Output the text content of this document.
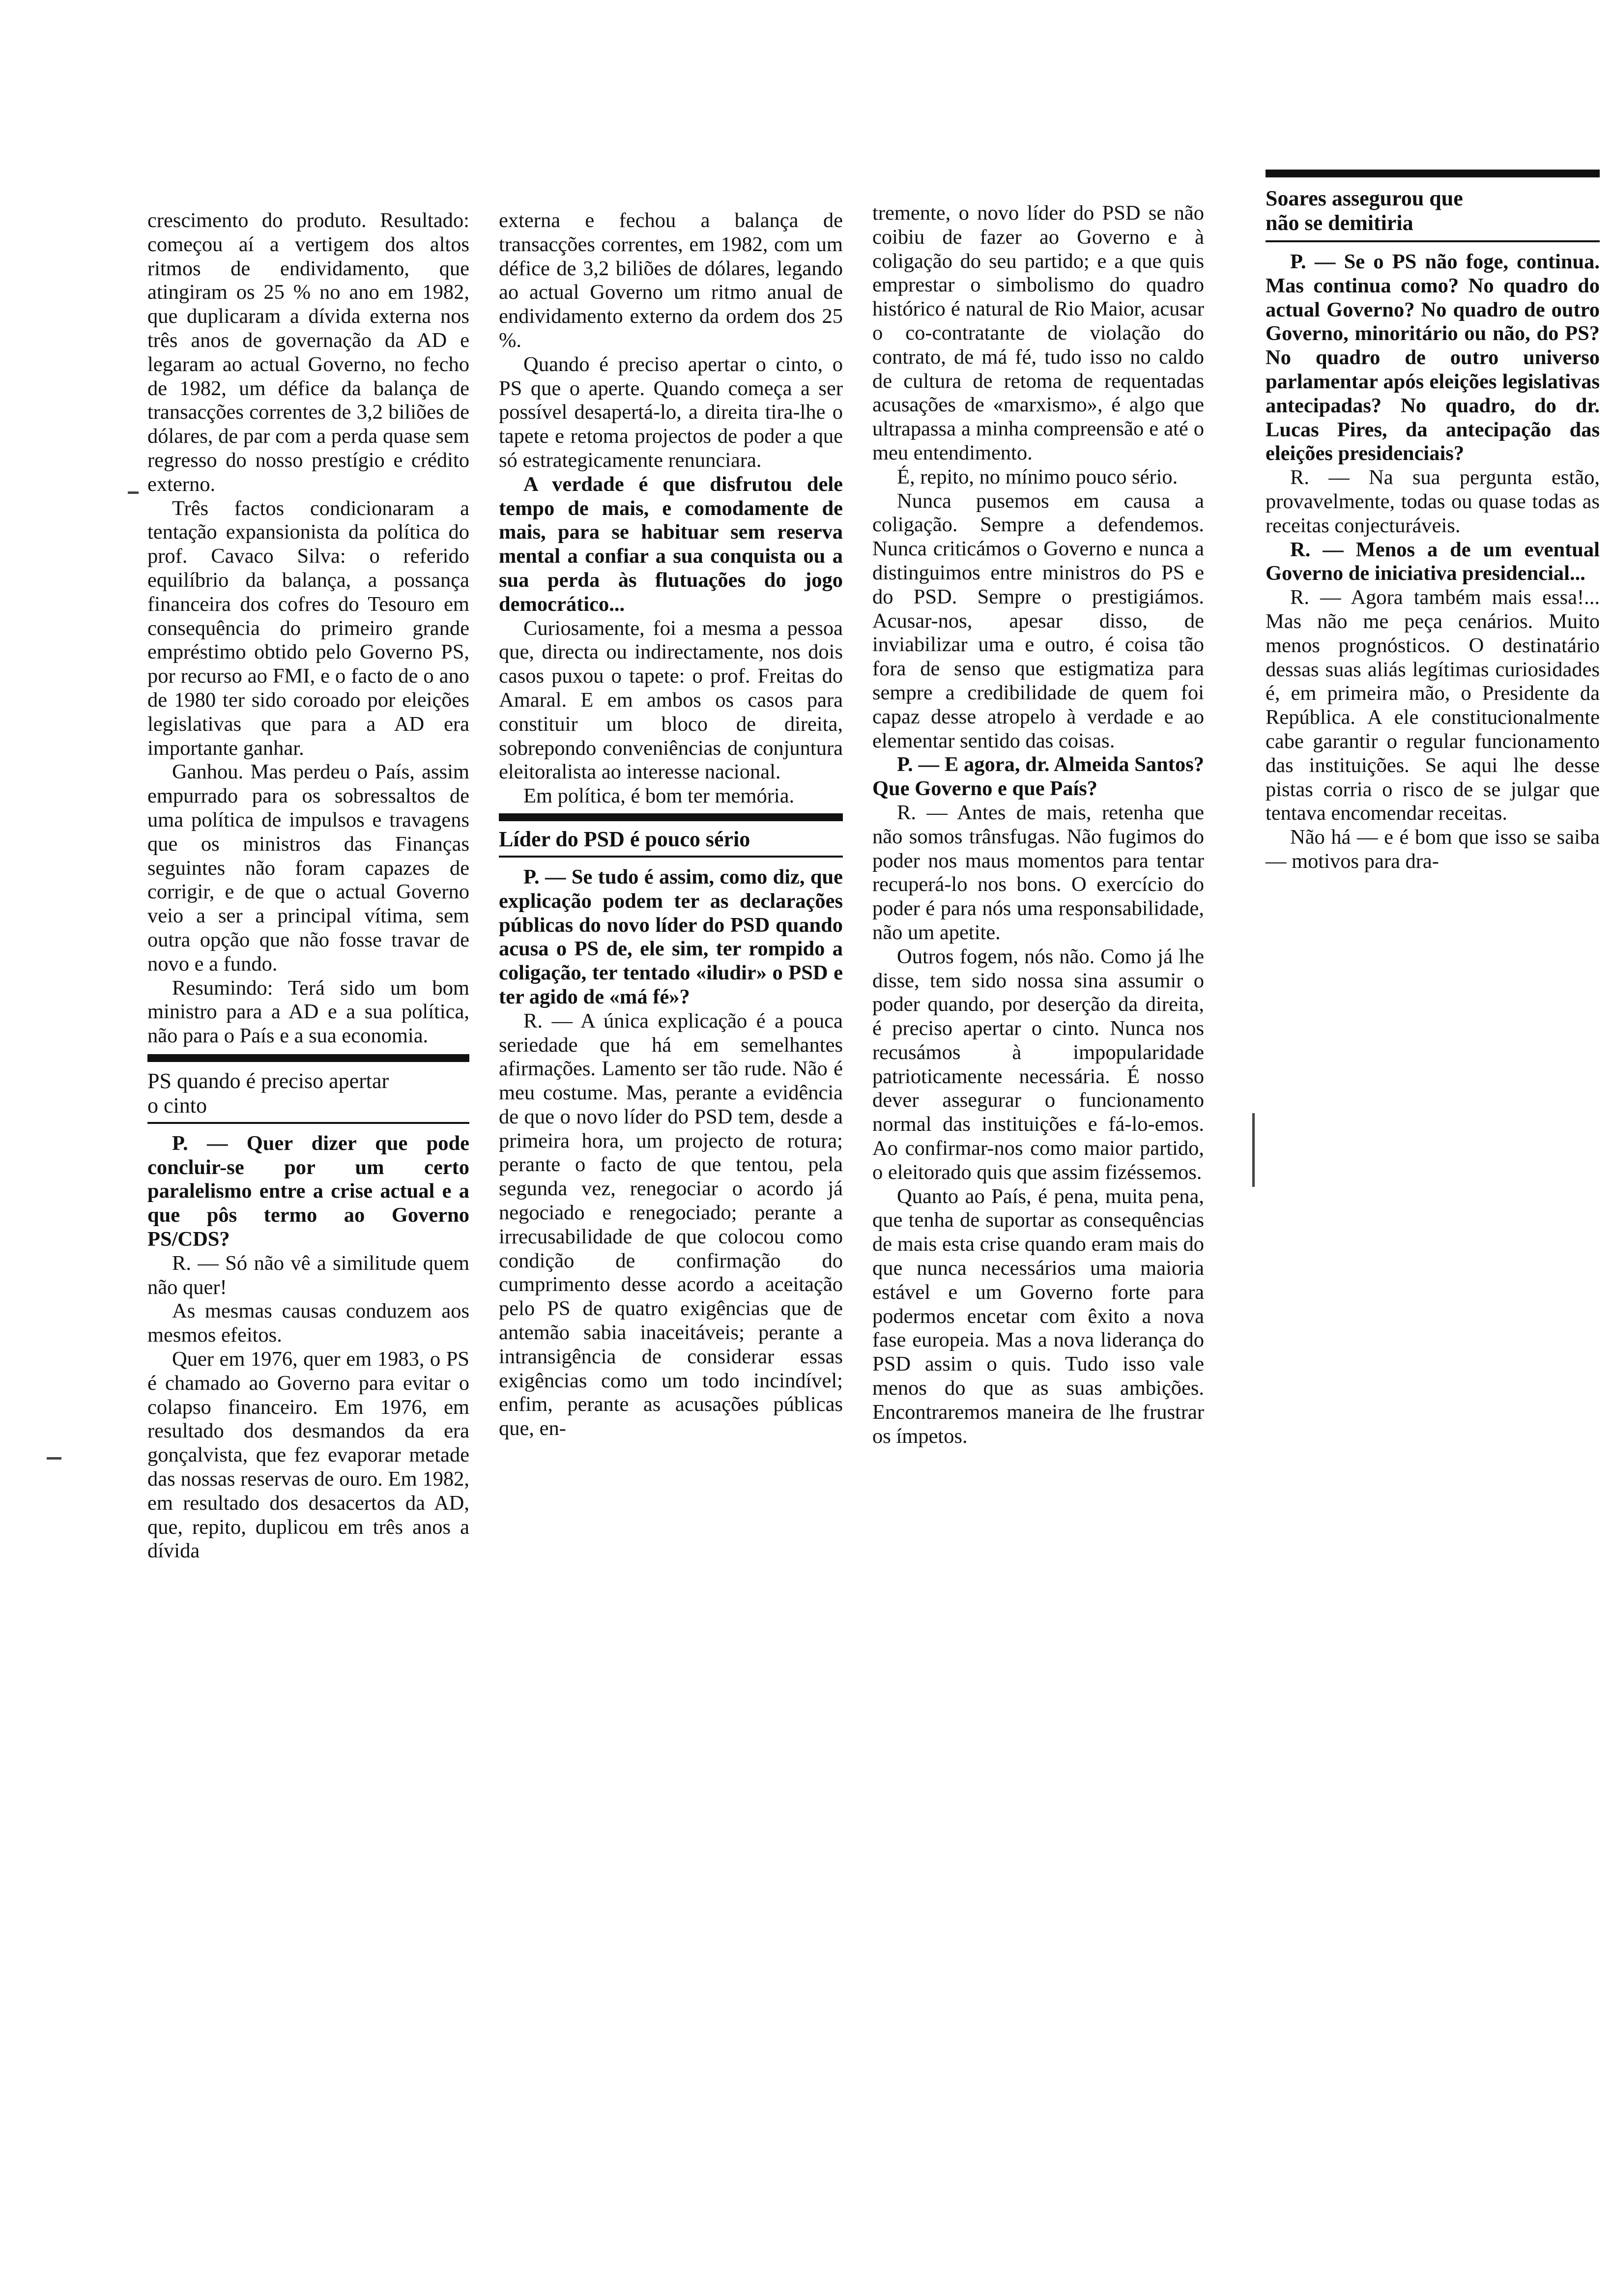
crescimento do produto. Resultado: começou aí a vertigem dos altos ritmos de endividamento, que atingiram os 25 % no ano em 1982, que duplicaram a dívida externa nos três anos de governação da AD e legaram ao actual Governo, no fecho de 1982, um défice da balança de transacções correntes de 3,2 biliões de dólares, de par com a perda quase sem regresso do nosso prestígio e crédito externo.

Três factos condicionaram a tentação expansionista da política do prof. Cavaco Silva: o referido equilíbrio da balança, a possança financeira dos cofres do Tesouro em consequência do primeiro grande empréstimo obtido pelo Governo PS, por recurso ao FMI, e o facto de o ano de 1980 ter sido coroado por eleições legislativas que para a AD era importante ganhar.

Ganhou. Mas perdeu o País, assim empurrado para os sobressaltos de uma política de impulsos e travagens que os ministros das Finanças seguintes não foram capazes de corrigir, e de que o actual Governo veio a ser a principal vítima, sem outra opção que não fosse travar de novo e a fundo.

Resumindo: Terá sido um bom ministro para a AD e a sua política, não para o País e a sua economia.

PS quando é preciso apertar o cinto

P. — Quer dizer que pode concluir-se por um certo paralelismo entre a crise actual e a que pôs termo ao Governo PS/CDS?

R. — Só não vê a similitude quem não quer!

As mesmas causas conduzem aos mesmos efeitos.

Quer em 1976, quer em 1983, o PS é chamado ao Governo para evitar o colapso financeiro. Em 1976, em resultado dos desmandos da era gonçalvista, que fez evaporar metade das nossas reservas de ouro. Em 1982, em resultado dos desacertos da AD, que, repito, duplicou em três anos a dívida

externa e fechou a balança de transacções correntes, em 1982, com um défice de 3,2 biliões de dólares, legando ao actual Governo um ritmo anual de endividamento externo da ordem dos 25 %.

Quando é preciso apertar o cinto, o PS que o aperte. Quando começa a ser possível desapertá-lo, a direita tira-lhe o tapete e retoma projectos de poder a que só estrategicamente renunciara.

A verdade é que disfrutou dele tempo de mais, e comodamente de mais, para se habituar sem reserva mental a confiar a sua conquista ou a sua perda às flutuações do jogo democrático...

Curiosamente, foi a mesma a pessoa que, directa ou indirectamente, nos dois casos puxou o tapete: o prof. Freitas do Amaral. E em ambos os casos para constituir um bloco de direita, sobrepondo conveniências de conjuntura eleitoralista ao interesse nacional.

Em política, é bom ter memória.

Líder do PSD é pouco sério

P. — Se tudo é assim, como diz, que explicação podem ter as declarações públicas do novo líder do PSD quando acusa o PS de, ele sim, ter rompido a coligação, ter tentado «iludir» o PSD e ter agido de «má fé»?

R. — A única explicação é a pouca seriedade que há em semelhantes afirmações. Lamento ser tão rude. Não é meu costume. Mas, perante a evidência de que o novo líder do PSD tem, desde a primeira hora, um projecto de rotura; perante o facto de que tentou, pela segunda vez, renegociar o acordo já negociado e renegociado; perante a irrecusabilidade de que colocou como condição de confirmação do cumprimento desse acordo a aceitação pelo PS de quatro exigências que de antemão sabia inaceitáveis; perante a intransigência de considerar essas exigências como um todo incindível; enfim, perante as acusações públicas que, en-

tremente, o novo líder do PSD se não coibiu de fazer ao Governo e à coligação do seu partido; e a que quis emprestar o simbolismo do quadro histórico é natural de Rio Maior, acusar o co-contratante de violação do contrato, de má fé, tudo isso no caldo de cultura de retoma de requentadas acusações de «marxismo», é algo que ultrapassa a minha compreensão e até o meu entendimento.

É, repito, no mínimo pouco sério.

Nunca pusemos em causa a coligação. Sempre a defendemos. Nunca criticámos o Governo e nunca a distinguimos entre ministros do PS e do PSD. Sempre o prestigiámos. Acusar-nos, apesar disso, de inviabilizar uma e outro, é coisa tão fora de senso que estigmatiza para sempre a credibilidade de quem foi capaz desse atropelo à verdade e ao elementar sentido das coisas.

P. — E agora, dr. Almeida Santos? Que Governo e que País?

R. — Antes de mais, retenha que não somos trânsfugas. Não fugimos do poder nos maus momentos para tentar recuperá-lo nos bons. O exercício do poder é para nós uma responsabilidade, não um apetite.

Outros fogem, nós não. Como já lhe disse, tem sido nossa sina assumir o poder quando, por deserção da direita, é preciso apertar o cinto. Nunca nos recusámos à impopularidade patrioticamente necessária. É nosso dever assegurar o funcionamento normal das instituições e fá-lo-emos. Ao confirmar-nos como maior partido, o eleitorado quis que assim fizéssemos.

Quanto ao País, é pena, muita pena, que tenha de suportar as consequências de mais esta crise quando eram mais do que nunca necessários uma maioria estável e um Governo forte para podermos encetar com êxito a nova fase europeia. Mas a nova liderança do PSD assim o quis. Tudo isso vale menos do que as suas ambições. Encontraremos maneira de lhe frustrar os ímpetos.

Soares assegurou que não se demitiria

P. — Se o PS não foge, continua. Mas continua como? No quadro do actual Governo? No quadro de outro Governo, minoritário ou não, do PS? No quadro de outro universo parlamentar após eleições legislativas antecipadas? No quadro, do dr. Lucas Pires, da antecipação das eleições presidenciais?

R. — Na sua pergunta estão, provavelmente, todas ou quase todas as receitas conjecturáveis.

R. — Menos a de um eventual Governo de iniciativa presidencial...

R. — Agora também mais essa!... Mas não me peça cenários. Muito menos prognósticos. O destinatário dessas suas aliás legítimas curiosidades é, em primeira mão, o Presidente da República. A ele constitucionalmente cabe garantir o regular funcionamento das instituições. Se aqui lhe desse pistas corria o risco de se julgar que tentava encomendar receitas.

Não há — e é bom que isso se saiba — motivos para dra-
